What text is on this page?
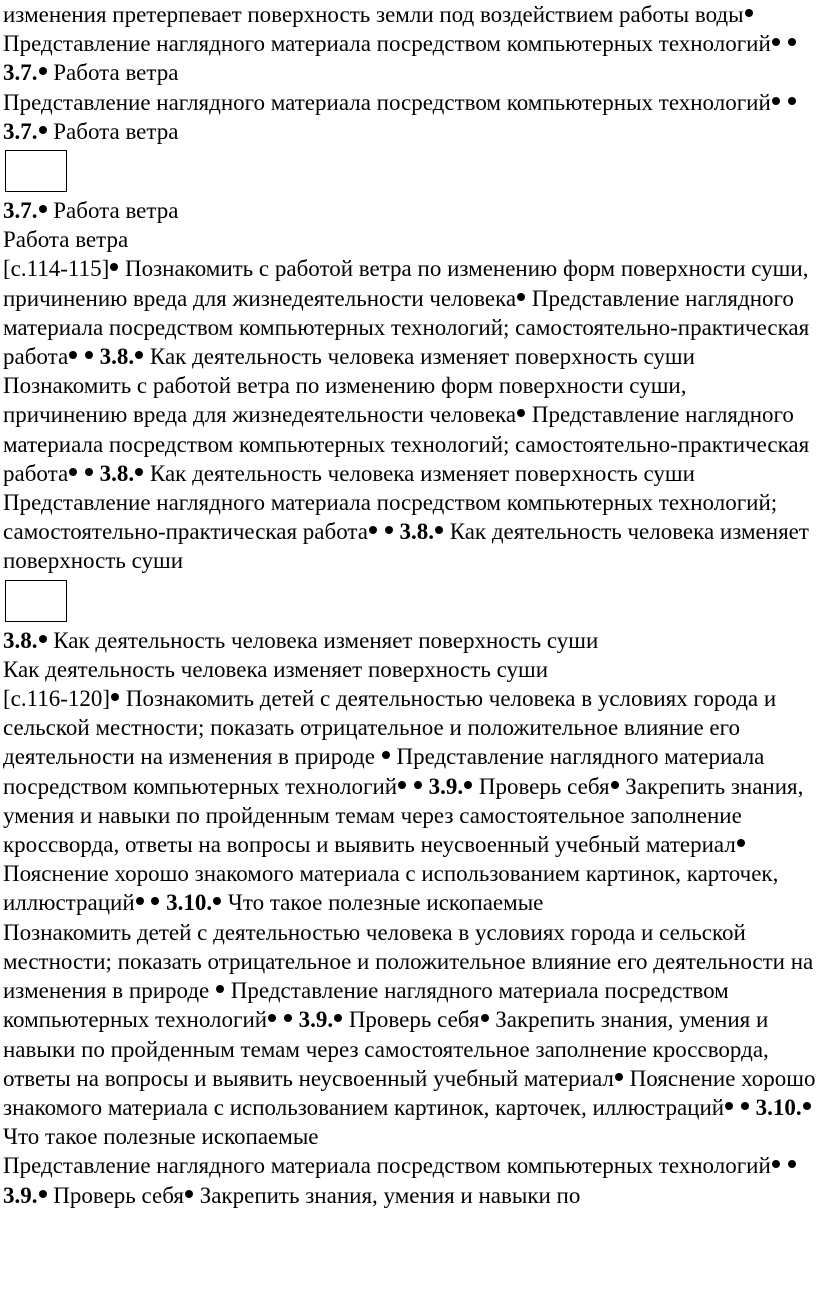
изменения претерпевает поверхность земли под воздействием работы воды Представление наглядного материала посредством компьютерных технологий  3.7. Работа ветра
Представление наглядного материала посредством компьютерных технологий  3.7. Работа ветра
3.7. Работа ветра
Работа ветра
[с.114-115] Познакомить с работой ветра по изменению форм поверхности суши, причинению вреда для жизнедеятельности человека Представление наглядного материала посредством компьютерных технологий; самостоятельно-практическая работа 3.8. Как деятельность человека изменяет поверхность суши
Познакомить с работой ветра по изменению форм поверхности суши, причинению вреда для жизнедеятельности человека Представление наглядного материала посредством компьютерных технологий; самостоятельно-практическая работа 3.8. Как деятельность человека изменяет поверхность суши
Представление наглядного материала посредством компьютерных технологий; самостоятельно-практическая работа 3.8. Как деятельность человека изменяет поверхность суши
3.8. Как деятельность человека изменяет поверхность суши
Как деятельность человека изменяет поверхность суши
[с.116-120] Познакомить детей с деятельностью человека в условиях города и сельской местности; показать отрицательное и положительное влияние его деятельности на изменения в природе  Представление наглядного материала посредством компьютерных технологий 3.9. Проверь себя Закрепить знания, умения и навыки по пройденным темам через самостоятельное заполнение кроссворда, ответы на вопросы и выявить неусвоенный учебный материал Пояснение хорошо знакомого материала с использованием картинок, карточек, иллюстраций 3.10. Что такое полезные ископаемые
Познакомить детей с деятельностью человека в условиях города и сельской местности; показать отрицательное и положительное влияние его деятельности на изменения в природе  Представление наглядного материала посредством компьютерных технологий 3.9. Проверь себя Закрепить знания, умения и навыки по пройденным темам через самостоятельное заполнение кроссворда, ответы на вопросы и выявить неусвоенный учебный материал Пояснение хорошо знакомого материала с использованием картинок, карточек, иллюстраций 3.10. Что такое полезные ископаемые
Представление наглядного материала посредством компьютерных технологий  3.9. Проверь себя Закрепить знания, умения и навыки по
